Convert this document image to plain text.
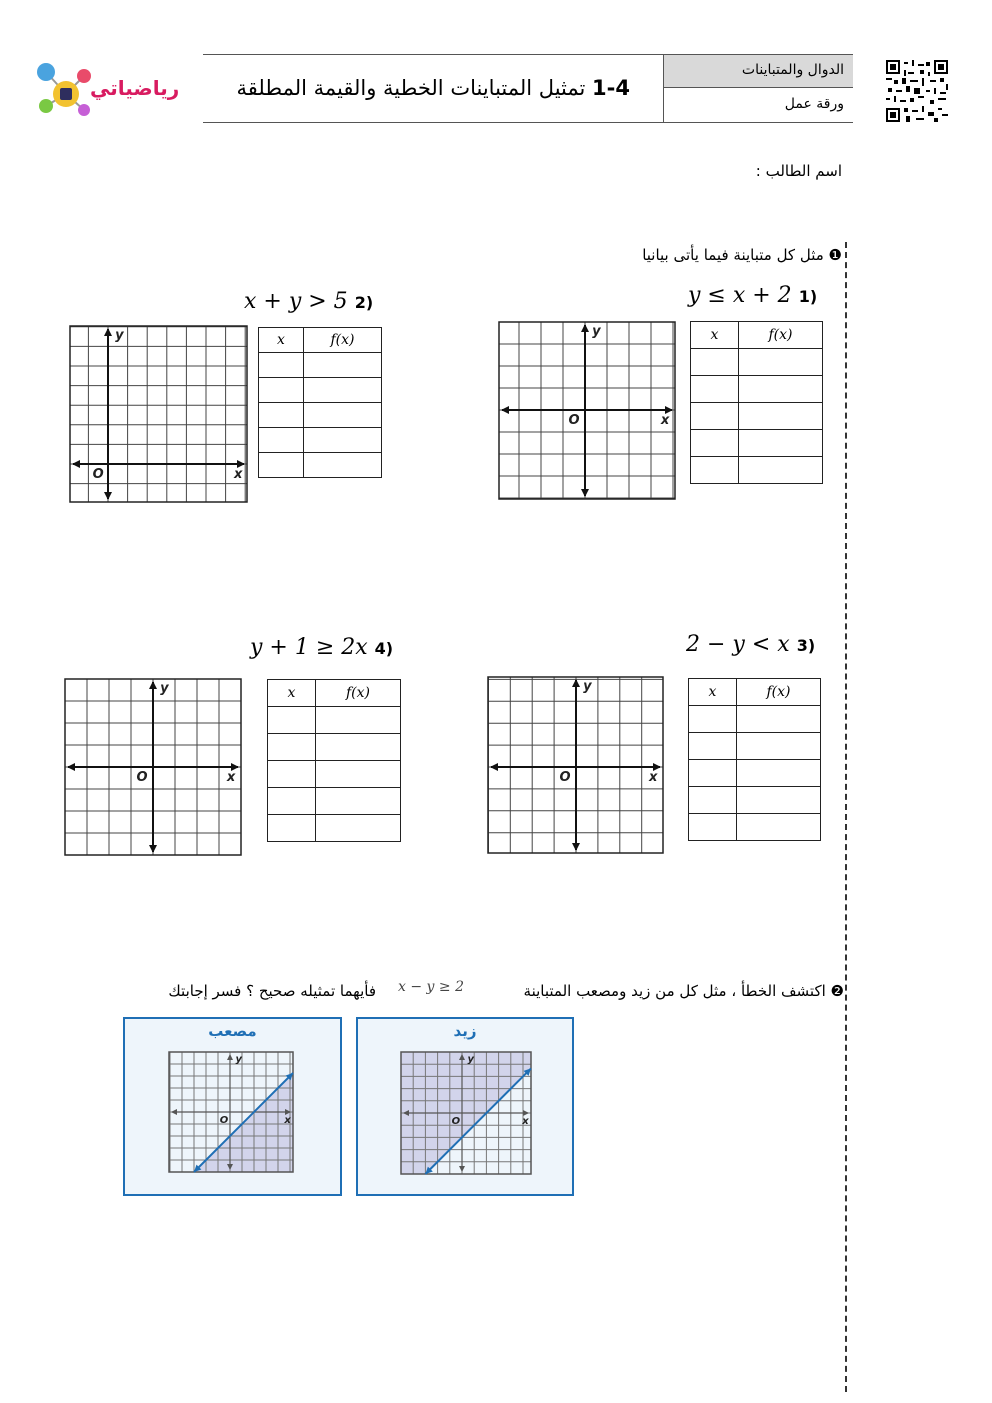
الدوال والمتباينات
ورقة عمل
1-4 تمثيل المتباينات الخطية والقيمة المطلقة
رياضياتي
اسم الطالب :
❶ مثل كل متباينة فيما يأتى بيانيا
y ≤ x + 2 1)
x + y > 5 2)
2 − y < x 3)
y + 1 ≥ 2x 4)
x
y
O
x
y
O
x
y
O
x
y
O
x	f(x)

x	f(x)

x	f(x)

x	f(x)

فأيهما تمثيله صحيح ؟ فسر إجابتك x − y ≥ 2	❷ اكتشف الخطأ ، مثل كل من زيد ومصعب المتباينة
زيد
مصعب
x
y
O
x
y
O
